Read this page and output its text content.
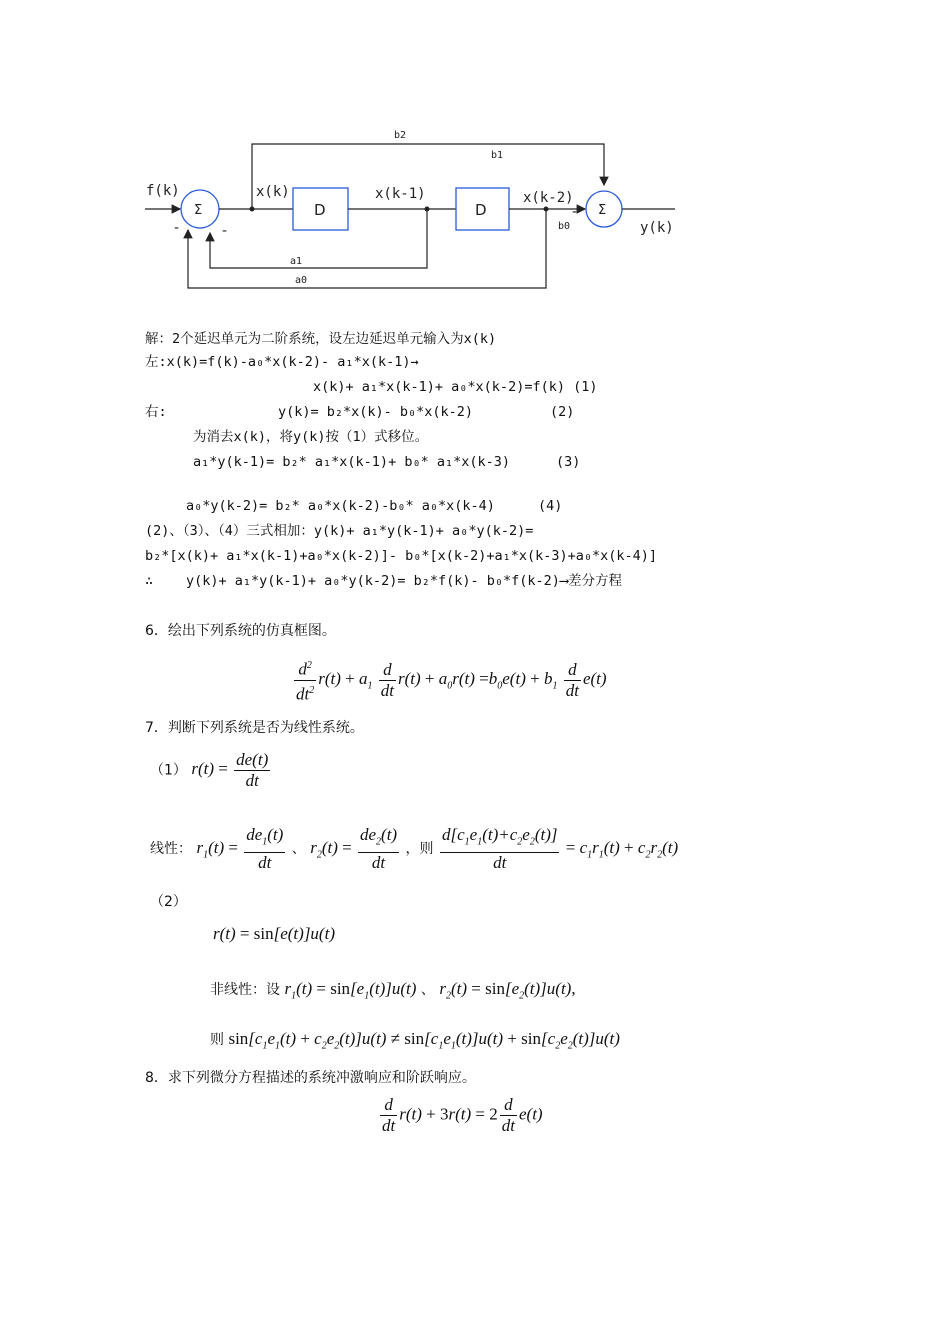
Σ	D	D	Σ
f(k)	x(k)	x(k-1)	x(k-2)
y(k)
b2
b1
b0
a1
a0
-	-
-
解：2个延迟单元为二阶系统，设左边延迟单元输入为x(k)
左:x(k)=f(k)-a₀*x(k-2)- a₁*x(k-1)→
x(k)+ a₁*x(k-1)+ a₀*x(k-2)=f(k) (1)
右:	y(k)= b₂*x(k)- b₀*x(k-2)	(2)
为消去x(k)，将y(k)按（1）式移位。
a₁*y(k-1)= b₂* a₁*x(k-1)+ b₀* a₁*x(k-3)	(3)
a₀*y(k-2)= b₂* a₀*x(k-2)-b₀* a₀*x(k-4)	(4)
(2)、（3）、（4）三式相加：y(k)+ a₁*y(k-1)+ a₀*y(k-2)=
b₂*[x(k)+ a₁*x(k-1)+a₀*x(k-2)]- b₀*[x(k-2)+a₁*x(k-3)+a₀*x(k-4)]
∴ y(k)+ a₁*y(k-1)+ a₀*y(k-2)= b₂*f(k)- b₀*f(k-2)⟶差分方程
6．绘出下列系统的仿真框图。
$\frac{d^2}{dt^2} r(t) + a_1 \frac{d}{dt} r(t) + a_0r(t) =b_0e(t) + b_1 \frac{d}{dt} e(t)$
7．判断下列系统是否为线性系统。
（1） $r(t) = \frac{de(t)}{dt}$
线性： $r_1(t) = \frac{de_1(t)}{dt}$ 、 $r_2(t) = \frac{de_2(t)}{dt}$ ，则 $\frac{d[c_1e_1(t)+c_2e_2(t)]}{dt} = c_1r_1(t) + c_2r_2(t)$
（2）
r(t) = sin[e(t)]u(t)
非线性：设 $r_1(t) = \sin[e_1(t)]u(t)$ 、 $r_2(t) = \sin[e_2(t)]u(t)$,
则 $\sin[c_1e_1(t) + c_2e_2(t)]u(t) \ne \sin[c_1e_1(t)]u(t) + \sin[c_2e_2(t)]u(t)$
8．求下列微分方程描述的系统冲激响应和阶跃响应。
$\frac{d}{dt} r(t) + 3r(t) = 2 \frac{d}{dt} e(t)$
